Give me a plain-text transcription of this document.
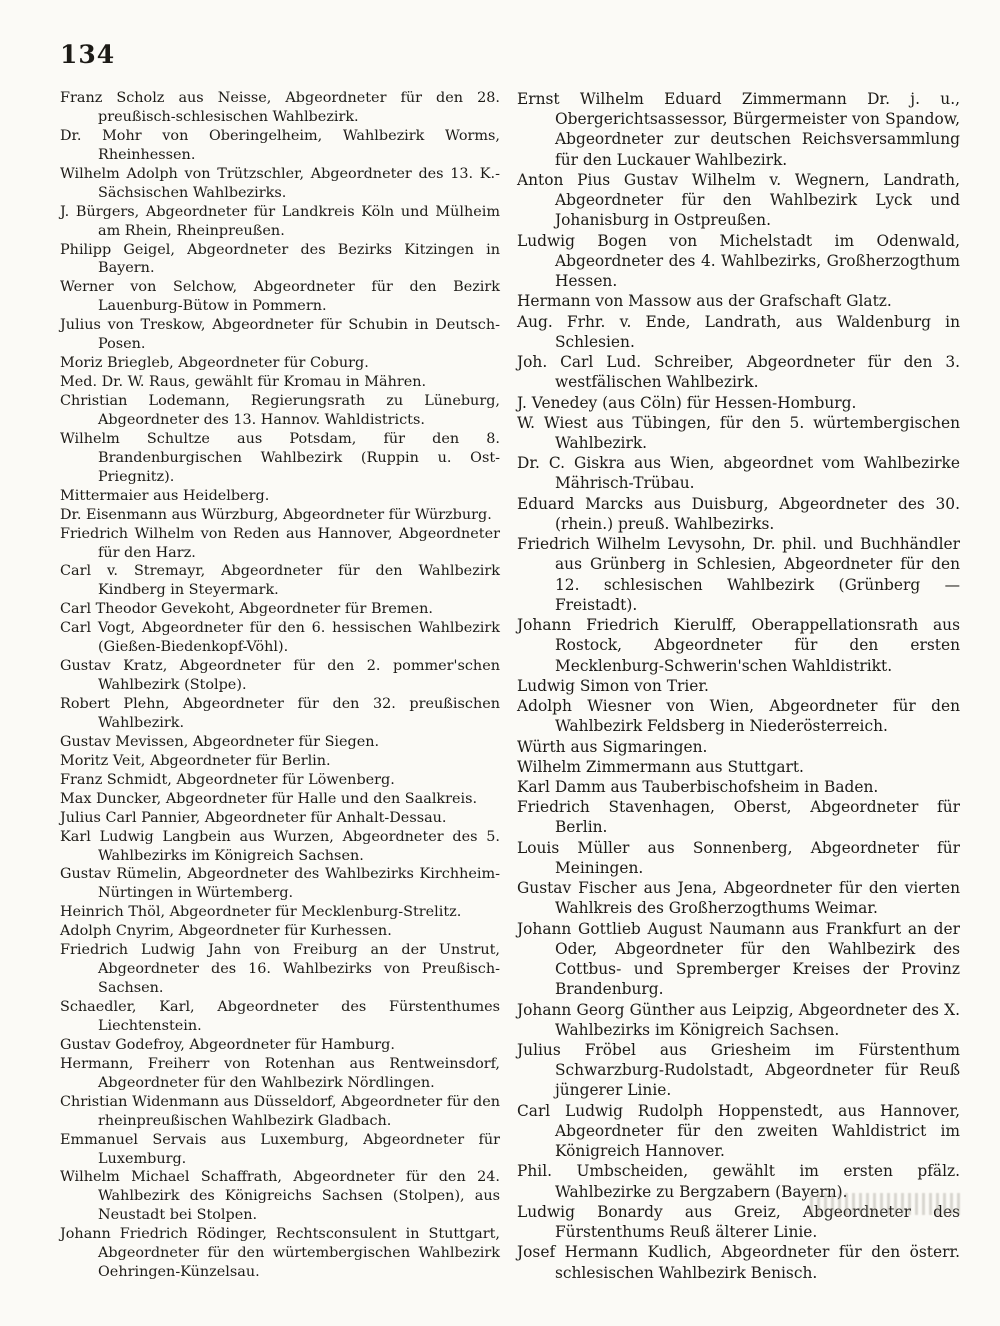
134

Franz Scholz aus Neisse, Abgeordneter für den 28. preußisch-schlesischen Wahlbezirk.

Dr. Mohr von Oberingelheim, Wahlbezirk Worms, Rheinhessen.

Wilhelm Adolph von Trützschler, Abgeordneter des 13. K.-Sächsischen Wahlbezirks.

J. Bürgers, Abgeordneter für Landkreis Köln und Mülheim am Rhein, Rheinpreußen.

Philipp Geigel, Abgeordneter des Bezirks Kitzingen in Bayern.

Werner von Selchow, Abgeordneter für den Bezirk Lauenburg-Bütow in Pommern.

Julius von Treskow, Abgeordneter für Schubin in Deutsch-Posen.

Moriz Briegleb, Abgeordneter für Coburg.

Med. Dr. W. Raus, gewählt für Kromau in Mähren.

Christian Lodemann, Regierungsrath zu Lüneburg, Abgeordneter des 13. Hannov. Wahldistricts.

Wilhelm Schultze aus Potsdam, für den 8. Brandenburgischen Wahlbezirk (Ruppin u. Ost-Priegnitz).

Mittermaier aus Heidelberg.

Dr. Eisenmann aus Würzburg, Abgeordneter für Würzburg.

Friedrich Wilhelm von Reden aus Hannover, Abgeordneter für den Harz.

Carl v. Stremayr, Abgeordneter für den Wahlbezirk Kindberg in Steyermark.

Carl Theodor Gevekoht, Abgeordneter für Bremen.

Carl Vogt, Abgeordneter für den 6. hessischen Wahlbezirk (Gießen-Biedenkopf-Vöhl).

Gustav Kratz, Abgeordneter für den 2. pommer'schen Wahlbezirk (Stolpe).

Robert Plehn, Abgeordneter für den 32. preußischen Wahlbezirk.

Gustav Mevissen, Abgeordneter für Siegen.

Moritz Veit, Abgeordneter für Berlin.

Franz Schmidt, Abgeordneter für Löwenberg.

Max Duncker, Abgeordneter für Halle und den Saalkreis.

Julius Carl Pannier, Abgeordneter für Anhalt-Dessau.

Karl Ludwig Langbein aus Wurzen, Abgeordneter des 5. Wahlbezirks im Königreich Sachsen.

Gustav Rümelin, Abgeordneter des Wahlbezirks Kirchheim-Nürtingen in Würtemberg.

Heinrich Thöl, Abgeordneter für Mecklenburg-Strelitz.

Adolph Cnyrim, Abgeordneter für Kurhessen.

Friedrich Ludwig Jahn von Freiburg an der Unstrut, Abgeordneter des 16. Wahlbezirks von Preußisch-Sachsen.

Schaedler, Karl, Abgeordneter des Fürstenthumes Liechtenstein.

Gustav Godefroy, Abgeordneter für Hamburg.

Hermann, Freiherr von Rotenhan aus Rentweinsdorf, Abgeordneter für den Wahlbezirk Nördlingen.

Christian Widenmann aus Düsseldorf, Abgeordneter für den rheinpreußischen Wahlbezirk Gladbach.

Emmanuel Servais aus Luxemburg, Abgeordneter für Luxemburg.

Wilhelm Michael Schaffrath, Abgeordneter für den 24. Wahlbezirk des Königreichs Sachsen (Stolpen), aus Neustadt bei Stolpen.

Johann Friedrich Rödinger, Rechtsconsulent in Stuttgart, Abgeordneter für den würtembergischen Wahlbezirk Oehringen-Künzelsau.

Ernst Wilhelm Eduard Zimmermann Dr. j. u., Obergerichtsassessor, Bürgermeister von Spandow, Abgeordneter zur deutschen Reichsversammlung für den Luckauer Wahlbezirk.

Anton Pius Gustav Wilhelm v. Wegnern, Landrath, Abgeordneter für den Wahlbezirk Lyck und Johanisburg in Ostpreußen.

Ludwig Bogen von Michelstadt im Odenwald, Abgeordneter des 4. Wahlbezirks, Großherzogthum Hessen.

Hermann von Massow aus der Grafschaft Glatz.

Aug. Frhr. v. Ende, Landrath, aus Waldenburg in Schlesien.

Joh. Carl Lud. Schreiber, Abgeordneter für den 3. westfälischen Wahlbezirk.

J. Venedey (aus Cöln) für Hessen-Homburg.

W. Wiest aus Tübingen, für den 5. würtembergischen Wahlbezirk.

Dr. C. Giskra aus Wien, abgeordnet vom Wahlbezirke Mährisch-Trübau.

Eduard Marcks aus Duisburg, Abgeordneter des 30. (rhein.) preuß. Wahlbezirks.

Friedrich Wilhelm Levysohn, Dr. phil. und Buchhändler aus Grünberg in Schlesien, Abgeordneter für den 12. schlesischen Wahlbezirk (Grünberg — Freistadt).

Johann Friedrich Kierulff, Oberappellationsrath aus Rostock, Abgeordneter für den ersten Mecklenburg-Schwerin'schen Wahldistrikt.

Ludwig Simon von Trier.

Adolph Wiesner von Wien, Abgeordneter für den Wahlbezirk Feldsberg in Niederösterreich.

Würth aus Sigmaringen.

Wilhelm Zimmermann aus Stuttgart.

Karl Damm aus Tauberbischofsheim in Baden.

Friedrich Stavenhagen, Oberst, Abgeordneter für Berlin.

Louis Müller aus Sonnenberg, Abgeordneter für Meiningen.

Gustav Fischer aus Jena, Abgeordneter für den vierten Wahlkreis des Großherzogthums Weimar.

Johann Gottlieb August Naumann aus Frankfurt an der Oder, Abgeordneter für den Wahlbezirk des Cottbus- und Spremberger Kreises der Provinz Brandenburg.

Johann Georg Günther aus Leipzig, Abgeordneter des X. Wahlbezirks im Königreich Sachsen.

Julius Fröbel aus Griesheim im Fürstenthum Schwarzburg-Rudolstadt, Abgeordneter für Reuß jüngerer Linie.

Carl Ludwig Rudolph Hoppenstedt, aus Hannover, Abgeordneter für den zweiten Wahldistrict im Königreich Hannover.

Phil. Umbscheiden, gewählt im ersten pfälz. Wahlbezirke zu Bergzabern (Bayern).

Ludwig Bonardy aus Greiz, Abgeordneter des Fürstenthums Reuß älterer Linie.

Josef Hermann Kudlich, Abgeordneter für den österr. schlesischen Wahlbezirk Benisch.
